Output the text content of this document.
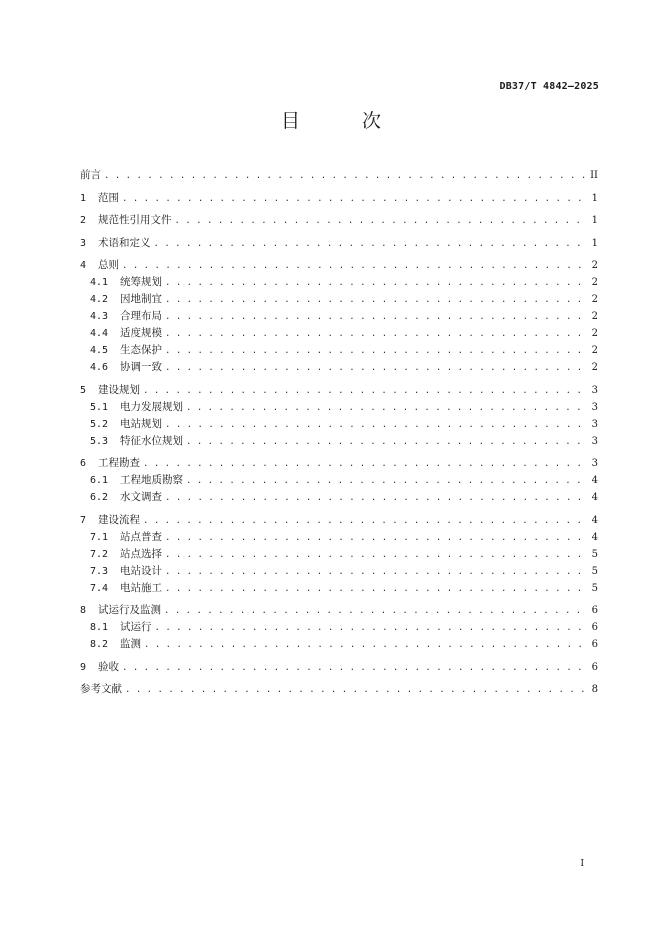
DB37/T 4842—2025
目 次
前言 . . .	II
1	范围 . . .	1
2	规范性引用文件 . . .	1
3	术语和定义 . . .	1
4	总则 . . .	2
4.1	统筹规划 . . .	2
4.2	因地制宜 . . .	2
4.3	合理布局 . . .	2
4.4	适度规模 . . .	2
4.5	生态保护 . . .	2
4.6	协调一致 . . .	2
5	建设规划 . . .	3
5.1	电力发展规划 . . .	3
5.2	电站规划 . . .	3
5.3	特征水位规划 . . .	3
6	工程勘查 . . .	3
6.1	工程地质勘察 . . .	4
6.2	水文调查 . . .	4
7	建设流程 . . .	4
7.1	站点普查 . . .	4
7.2	站点选择 . . .	5
7.3	电站设计 . . .	5
7.4	电站施工 . . .	5
8	试运行及监测 . . .	6
8.1	试运行 . . .	6
8.2	监测 . . .	6
9	验收 . . .	6
参考文献 . . .	8
I
